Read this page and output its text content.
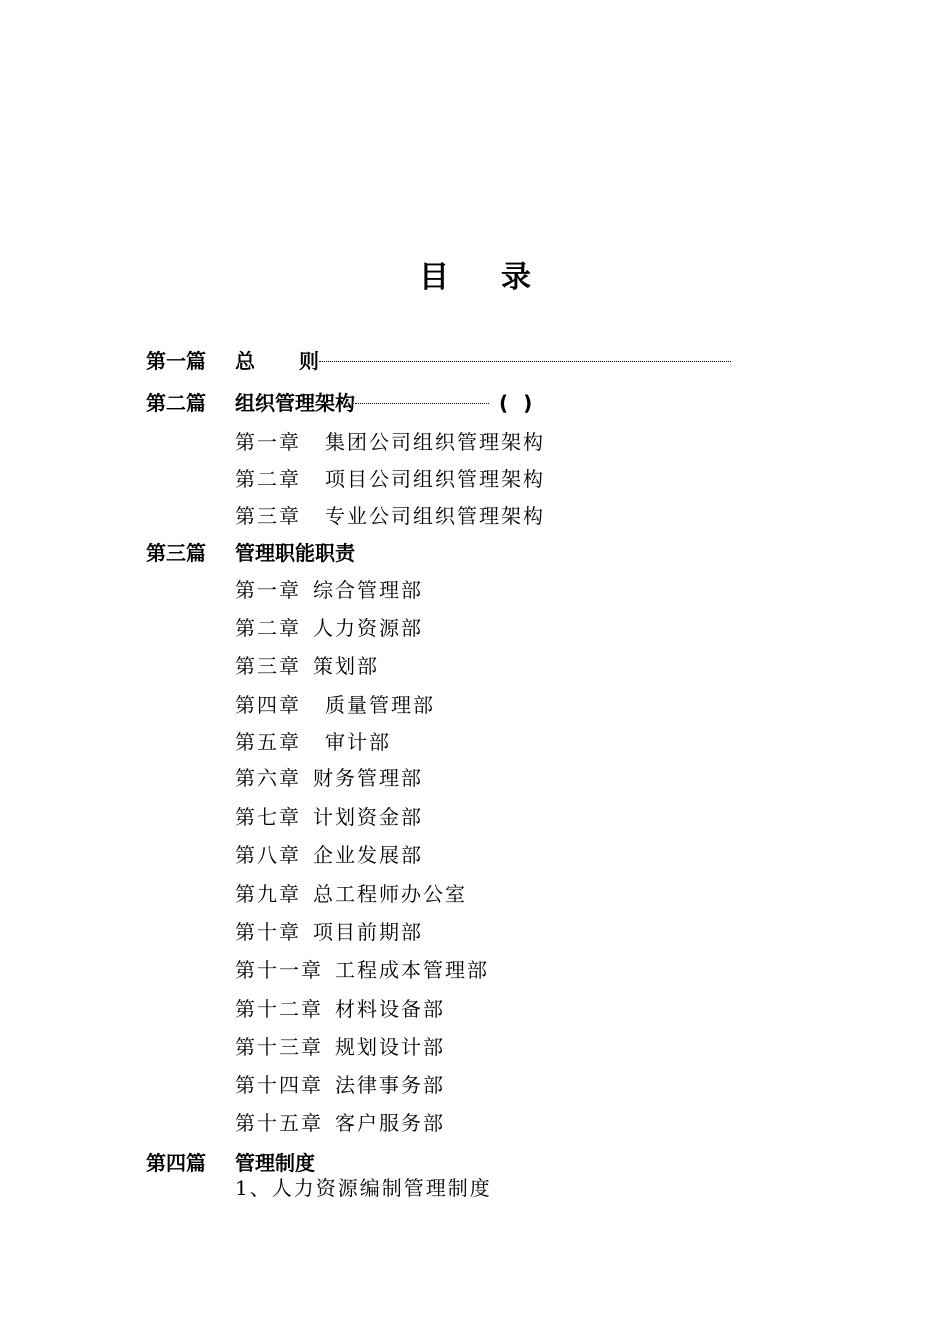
目录
第一篇	总则
第二篇	组织管理架构	( )
第一章 集团公司组织管理架构
第二章 项目公司组织管理架构
第三章 专业公司组织管理架构
第三篇	管理职能职责
第一章 综合管理部
第二章 人力资源部
第三章 策划部
第四章 质量管理部
第五章 审计部
第六章 财务管理部
第七章 计划资金部
第八章 企业发展部
第九章 总工程师办公室
第十章 项目前期部
第十一章 工程成本管理部
第十二章 材料设备部
第十三章 规划设计部
第十四章 法律事务部
第十五章 客户服务部
第四篇	管理制度
1、人力资源编制管理制度
